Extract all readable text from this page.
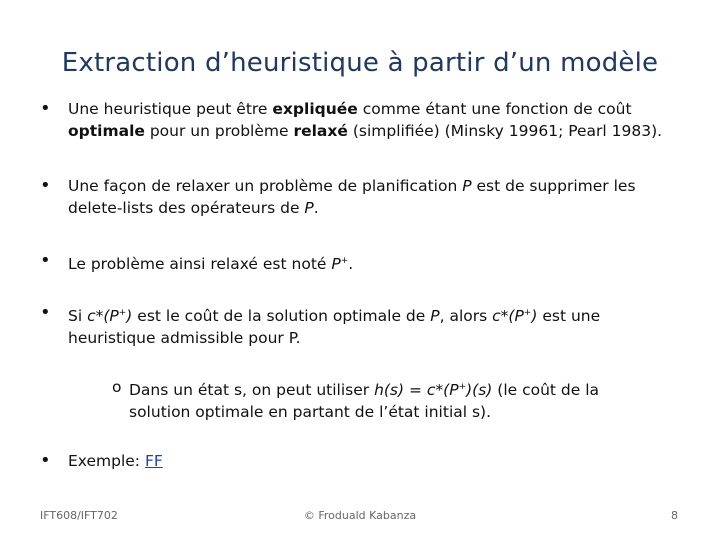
Extraction d’heuristique à partir d’un modèle
• Une heuristique peut être expliquée comme étant une fonction de coût optimale pour un problème relaxé (simplifiée) (Minsky 19961; Pearl 1983).
• Une façon de relaxer un problème de planification P est de supprimer les delete-lists des opérateurs de P.
• Le problème ainsi relaxé est noté P+.
• Si c*(P+) est le coût de la solution optimale de P, alors c*(P+) est une heuristique admissible pour P.
o Dans un état s, on peut utiliser h(s) = c*(P+)(s) (le coût de la solution optimale en partant de l’état initial s).
• Exemple: FF
IFT608/IFT702	© Froduald Kabanza	8
